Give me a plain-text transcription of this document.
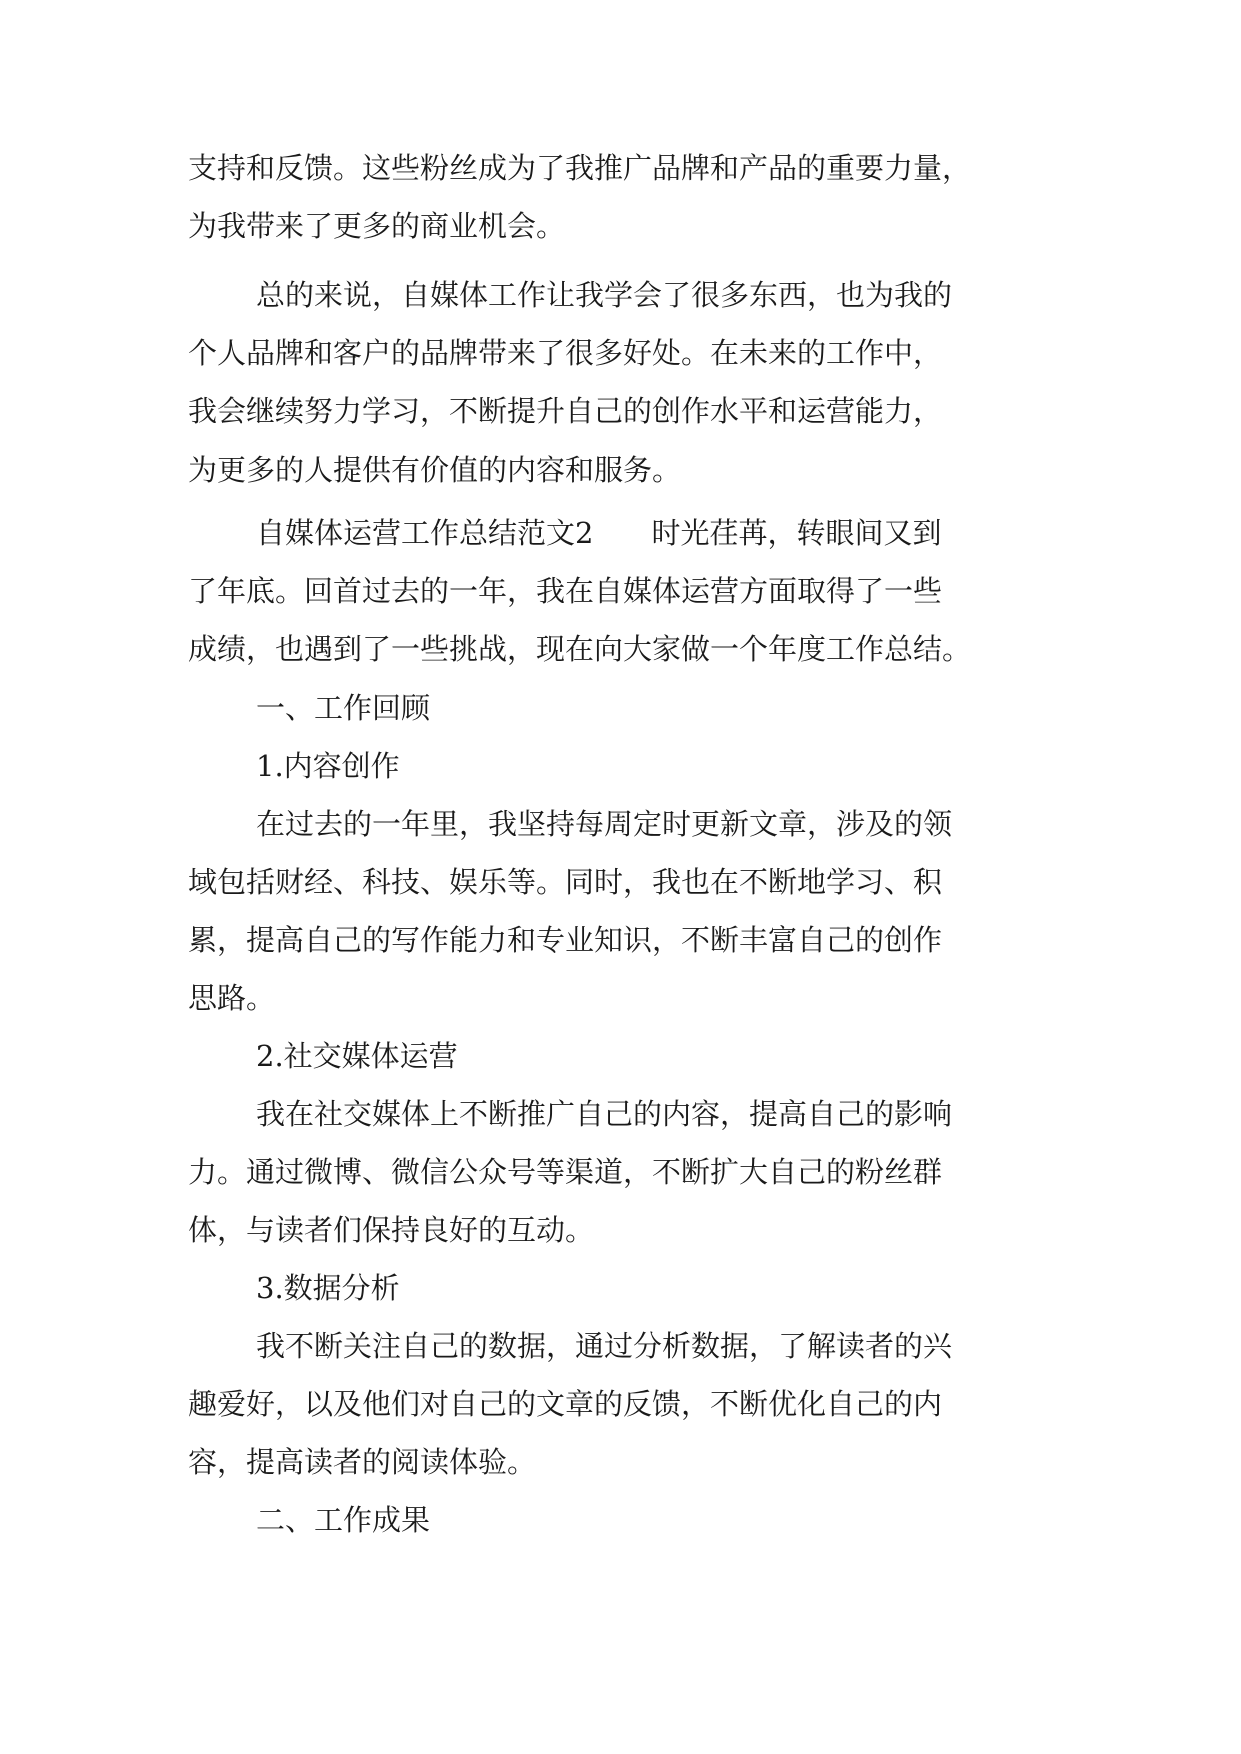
支持和反馈。这些粉丝成为了我推广品牌和产品的重要力量，
为我带来了更多的商业机会。
总的来说，自媒体工作让我学会了很多东西，也为我的
个人品牌和客户的品牌带来了很多好处。在未来的工作中，
我会继续努力学习，不断提升自己的创作水平和运营能力，
为更多的人提供有价值的内容和服务。
自媒体运营工作总结范文2　　时光荏苒，转眼间又到
了年底。回首过去的一年，我在自媒体运营方面取得了一些
成绩，也遇到了一些挑战，现在向大家做一个年度工作总结。
一、工作回顾
1.内容创作
在过去的一年里，我坚持每周定时更新文章，涉及的领
域包括财经、科技、娱乐等。同时，我也在不断地学习、积
累，提高自己的写作能力和专业知识，不断丰富自己的创作
思路。
2.社交媒体运营
我在社交媒体上不断推广自己的内容，提高自己的影响
力。通过微博、微信公众号等渠道，不断扩大自己的粉丝群
体，与读者们保持良好的互动。
3.数据分析
我不断关注自己的数据，通过分析数据，了解读者的兴
趣爱好，以及他们对自己的文章的反馈，不断优化自己的内
容，提高读者的阅读体验。
二、工作成果
